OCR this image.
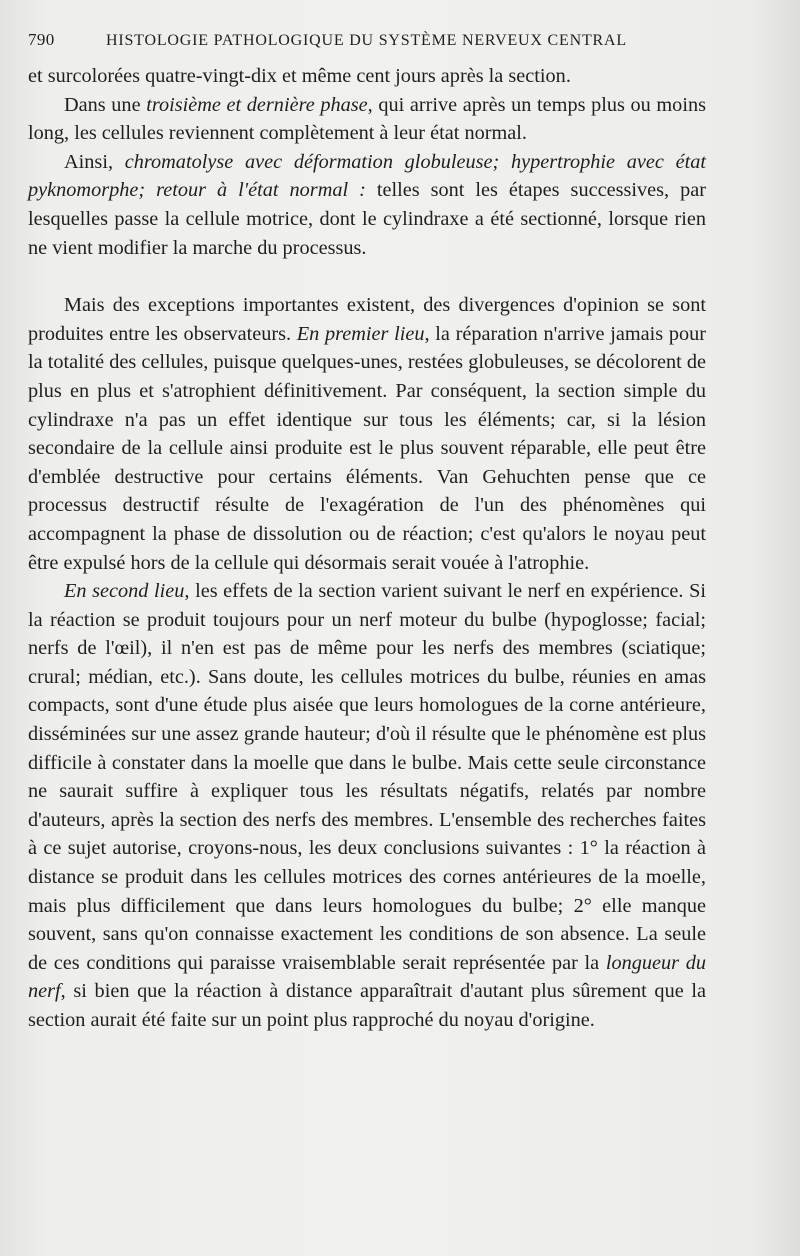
790	HISTOLOGIE PATHOLOGIQUE DU SYSTÈME NERVEUX CENTRAL

et surcolorées quatre-vingt-dix et même cent jours après la section.

Dans une troisième et dernière phase, qui arrive après un temps plus ou moins long, les cellules reviennent complètement à leur état normal.

Ainsi, chromatolyse avec déformation globuleuse; hypertrophie avec état pyknomorphe; retour à l'état normal : telles sont les étapes successives, par lesquelles passe la cellule motrice, dont le cylindraxe a été sectionné, lorsque rien ne vient modifier la marche du processus.

Mais des exceptions importantes existent, des divergences d'opinion se sont produites entre les observateurs. En premier lieu, la réparation n'arrive jamais pour la totalité des cellules, puisque quelques-unes, restées globuleuses, se décolorent de plus en plus et s'atrophient définitivement. Par conséquent, la section simple du cylindraxe n'a pas un effet identique sur tous les éléments; car, si la lésion secondaire de la cellule ainsi produite est le plus souvent réparable, elle peut être d'emblée destructive pour certains éléments. Van Gehuchten pense que ce processus destructif résulte de l'exagération de l'un des phénomènes qui accompagnent la phase de dissolution ou de réaction; c'est qu'alors le noyau peut être expulsé hors de la cellule qui désormais serait vouée à l'atrophie.

En second lieu, les effets de la section varient suivant le nerf en expérience. Si la réaction se produit toujours pour un nerf moteur du bulbe (hypoglosse; facial; nerfs de l'œil), il n'en est pas de même pour les nerfs des membres (sciatique; crural; médian, etc.). Sans doute, les cellules motrices du bulbe, réunies en amas compacts, sont d'une étude plus aisée que leurs homologues de la corne antérieure, disséminées sur une assez grande hauteur; d'où il résulte que le phénomène est plus difficile à constater dans la moelle que dans le bulbe. Mais cette seule circonstance ne saurait suffire à expliquer tous les résultats négatifs, relatés par nombre d'auteurs, après la section des nerfs des membres. L'ensemble des recherches faites à ce sujet autorise, croyons-nous, les deux conclusions suivantes : 1° la réaction à distance se produit dans les cellules motrices des cornes antérieures de la moelle, mais plus difficilement que dans leurs homologues du bulbe; 2° elle manque souvent, sans qu'on connaisse exactement les conditions de son absence. La seule de ces conditions qui paraisse vraisemblable serait représentée par la longueur du nerf, si bien que la réaction à distance apparaîtrait d'autant plus sûrement que la section aurait été faite sur un point plus rapproché du noyau d'origine.
